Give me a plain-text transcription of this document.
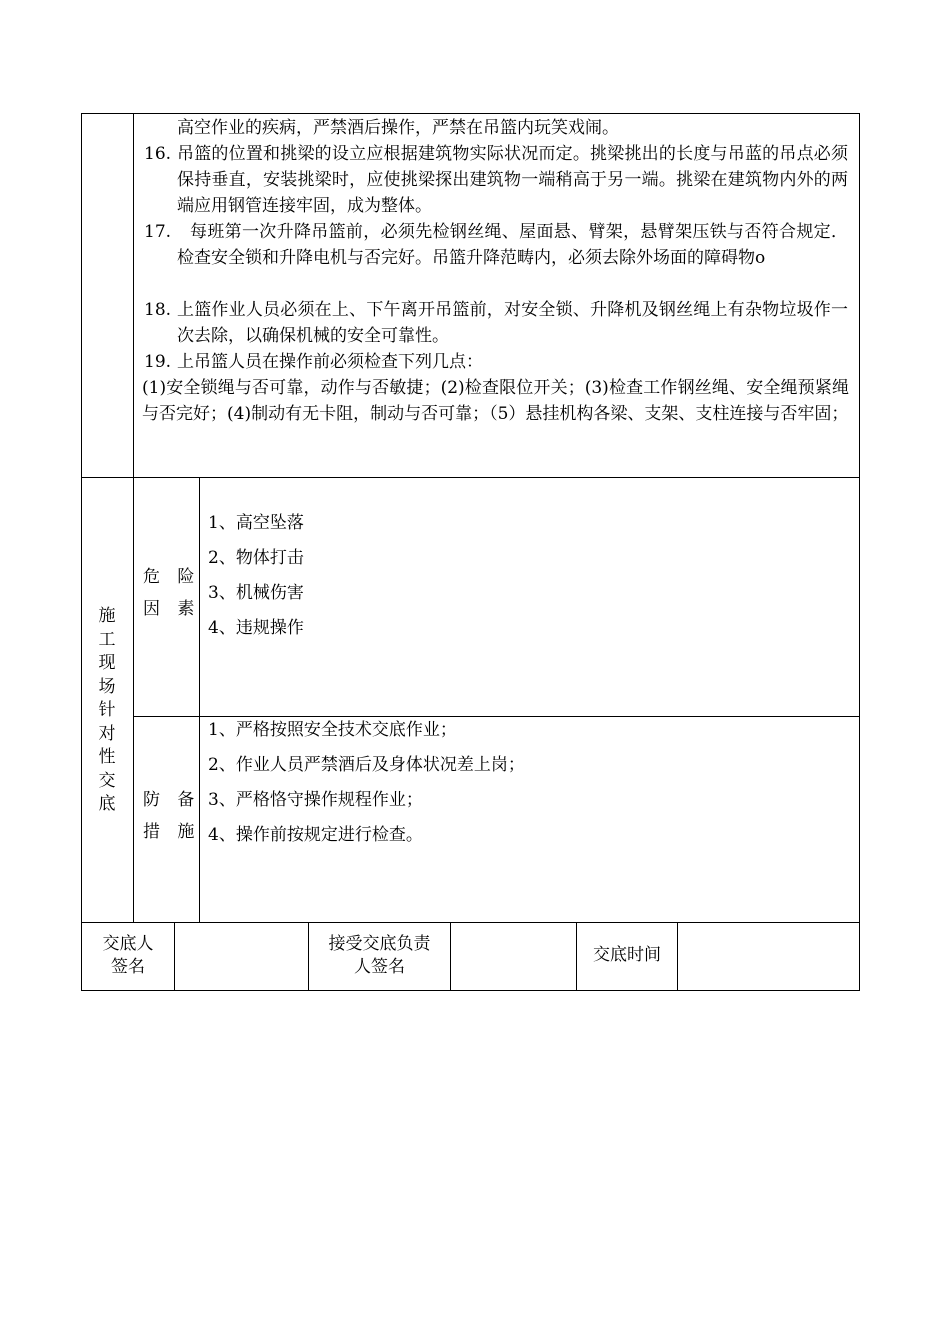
高空作业的疾病，严禁酒后操作，严禁在吊篮内玩笑戏闹。
16. 吊篮的位置和挑梁的设立应根据建筑物实际状况而定。挑梁挑出的长度与吊蓝的吊点必须保持垂直，安装挑梁时，应使挑梁探出建筑物一端稍高于另一端。挑梁在建筑物内外的两端应用钢管连接牢固，成为整体。
17.	每班第一次升降吊篮前，必须先检钢丝绳、屋面悬、臂架，悬臂架压铁与否符合规定．检查安全锁和升降电机与否完好。吊篮升降范畴内，必须去除外场面的障碍物o
18. 上篮作业人员必须在上、下午离开吊篮前，对安全锁、升降机及钢丝绳上有杂物垃圾作一次去除，以确保机械的安全可靠性。
19. 上吊篮人员在操作前必须检查下列几点：
(1)安全锁绳与否可靠，动作与否敏捷；(2)检查限位开关；(3)检查工作钢丝绳、安全绳预紧绳与否完好；(4)制动有无卡阻，制动与否可靠；（5）悬挂机构各梁、支架、支柱连接与否牢固；
施工现场针对性交底
危 险
因 素
1、高空坠落
2、物体打击
3、机械伤害
4、违规操作
防 备
措 施
1、严格按照安全技术交底作业；
2、作业人员严禁酒后及身体状况差上岗；
3、严格恪守操作规程作业；
4、操作前按规定进行检查。
交底人
签名
接受交底负责
人签名
交底时间
